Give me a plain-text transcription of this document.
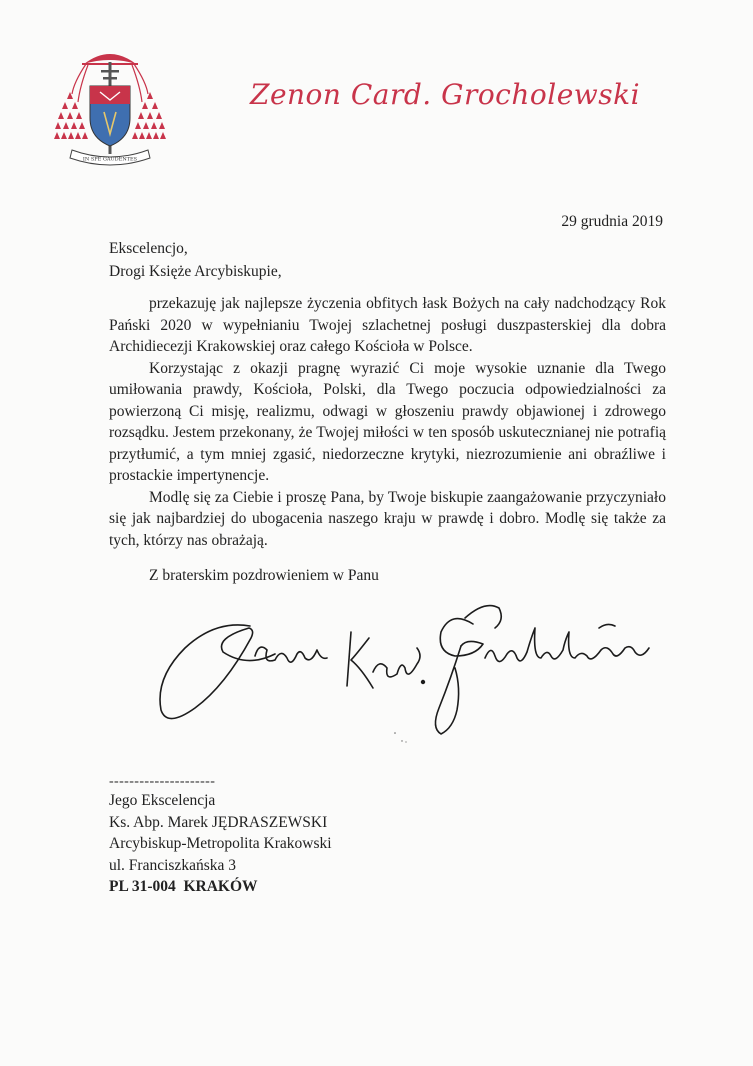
IN SPE GAUDENTES
Zenon Card. Grocholewski
29 grudnia 2019
Ekscelencjo,
Drogi Księże Arcybiskupie,

przekazuję jak najlepsze życzenia obfitych łask Bożych na cały nadchodzący Rok Pański 2020 w wypełnianiu Twojej szlachetnej posługi duszpasterskiej dla dobra Archidiecezji Krakowskiej oraz całego Kościoła w Polsce.

Korzystając z okazji pragnę wyrazić Ci moje wysokie uznanie dla Twego umiłowania prawdy, Kościoła, Polski, dla Twego poczucia odpowiedzialności za powierzoną Ci misję, realizmu, odwagi w głoszeniu prawdy objawionej i zdrowego rozsądku. Jestem przekonany, że Twojej miłości w ten sposób uskutecznianej nie potrafią przytłumić, a tym mniej zgasić, niedorzeczne krytyki, niezrozumienie ani obraźliwe i prostackie impertynencje.

Modlę się za Ciebie i proszę Pana, by Twoje biskupie zaangażowanie przyczyniało się jak najbardziej do ubogacenia naszego kraju w prawdę i dobro. Modlę się także za tych, którzy nas obrażają.

Z braterskim pozdrowieniem w Panu
---------------------
Jego Ekscelencja
Ks. Abp. Marek JĘDRASZEWSKI
Arcybiskup-Metropolita Krakowski
ul. Franciszkańska 3
PL 31-004  KRAKÓW
